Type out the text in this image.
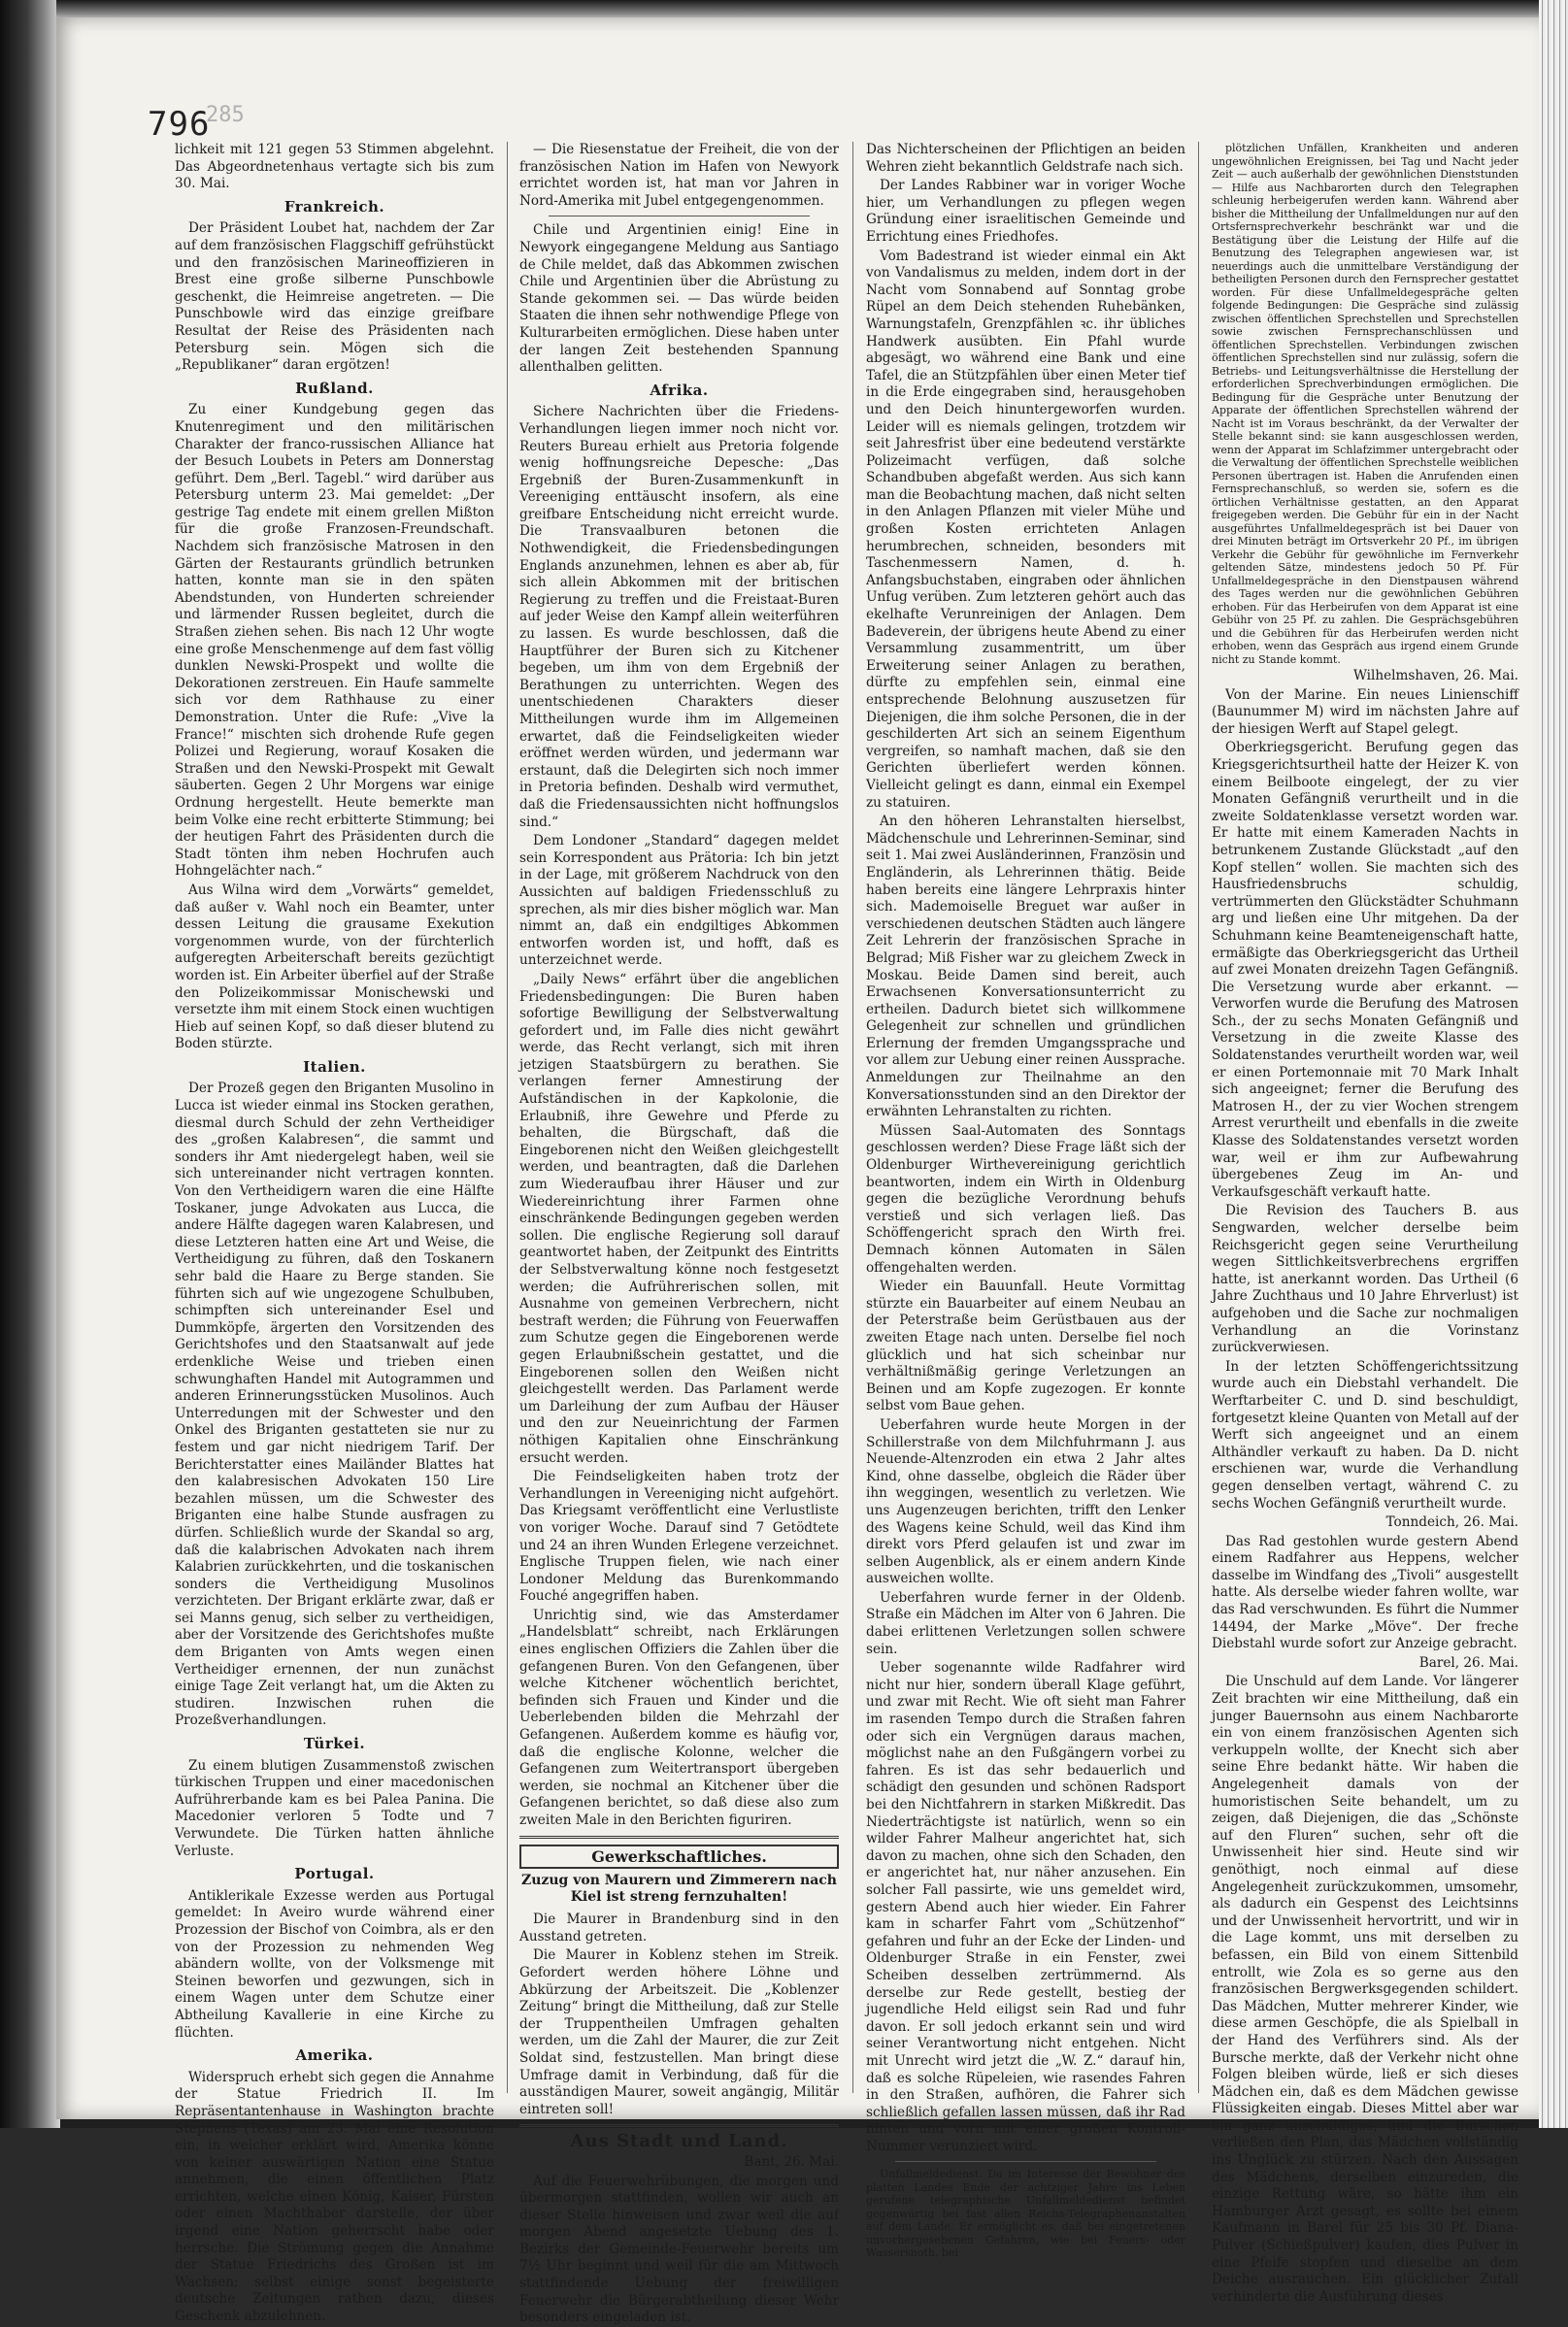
796
285

lichkeit mit 121 gegen 53 Stimmen abgelehnt. Das Abgeordnetenhaus vertagte sich bis zum 30. Mai.

Frankreich.

Der Präsident Loubet hat, nachdem der Zar auf dem französischen Flaggschiff gefrühstückt und den französischen Marineoffizieren in Brest eine große silberne Punschbowle geschenkt, die Heimreise angetreten. — Die Punschbowle wird das einzige greifbare Resultat der Reise des Präsidenten nach Petersburg sein. Mögen sich die „Republikaner“ daran ergötzen!

Rußland.

Zu einer Kundgebung gegen das Knutenregiment und den militärischen Charakter der franco-russischen Alliance hat der Besuch Loubets in Peters am Donnerstag geführt. Dem „Berl. Tagebl.“ wird darüber aus Petersburg unterm 23. Mai gemeldet: „Der gestrige Tag endete mit einem grellen Mißton für die große Franzosen-Freundschaft. Nachdem sich französische Matrosen in den Gärten der Restaurants gründlich betrunken hatten, konnte man sie in den späten Abendstunden, von Hunderten schreiender und lärmender Russen begleitet, durch die Straßen ziehen sehen. Bis nach 12 Uhr wogte eine große Menschenmenge auf dem fast völlig dunklen Newski-Prospekt und wollte die Dekorationen zerstreuen. Ein Haufe sammelte sich vor dem Rathhause zu einer Demonstration. Unter die Rufe: „Vive la France!“ mischten sich drohende Rufe gegen Polizei und Regierung, worauf Kosaken die Straßen und den Newski-Prospekt mit Gewalt säuberten. Gegen 2 Uhr Morgens war einige Ordnung hergestellt. Heute bemerkte man beim Volke eine recht erbitterte Stimmung; bei der heutigen Fahrt des Präsidenten durch die Stadt tönten ihm neben Hochrufen auch Hohngelächter nach.“

Aus Wilna wird dem „Vorwärts“ gemeldet, daß außer v. Wahl noch ein Beamter, unter dessen Leitung die grausame Exekution vorgenommen wurde, von der fürchterlich aufgeregten Arbeiterschaft bereits gezüchtigt worden ist. Ein Arbeiter überfiel auf der Straße den Polizeikommissar Monischewski und versetzte ihm mit einem Stock einen wuchtigen Hieb auf seinen Kopf, so daß dieser blutend zu Boden stürzte.

Italien.

Der Prozeß gegen den Briganten Musolino in Lucca ist wieder einmal ins Stocken gerathen, diesmal durch Schuld der zehn Vertheidiger des „großen Kalabresen“, die sammt und sonders ihr Amt niedergelegt haben, weil sie sich untereinander nicht vertragen konnten. Von den Vertheidigern waren die eine Hälfte Toskaner, junge Advokaten aus Lucca, die andere Hälfte dagegen waren Kalabresen, und diese Letzteren hatten eine Art und Weise, die Vertheidigung zu führen, daß den Toskanern sehr bald die Haare zu Berge standen. Sie führten sich auf wie ungezogene Schulbuben, schimpften sich untereinander Esel und Dummköpfe, ärgerten den Vorsitzenden des Gerichtshofes und den Staatsanwalt auf jede erdenkliche Weise und trieben einen schwunghaften Handel mit Autogrammen und anderen Erinnerungsstücken Musolinos. Auch Unterredungen mit der Schwester und den Onkel des Briganten gestatteten sie nur zu festem und gar nicht niedrigem Tarif. Der Berichterstatter eines Mailänder Blattes hat den kalabresischen Advokaten 150 Lire bezahlen müssen, um die Schwester des Briganten eine halbe Stunde ausfragen zu dürfen. Schließlich wurde der Skandal so arg, daß die kalabrischen Advokaten nach ihrem Kalabrien zurückkehrten, und die toskanischen sonders die Vertheidigung Musolinos verzichteten. Der Brigant erklärte zwar, daß er sei Manns genug, sich selber zu vertheidigen, aber der Vorsitzende des Gerichtshofes mußte dem Briganten von Amts wegen einen Vertheidiger ernennen, der nun zunächst einige Tage Zeit verlangt hat, um die Akten zu studiren. Inzwischen ruhen die Prozeßverhandlungen.

Türkei.

Zu einem blutigen Zusammenstoß zwischen türkischen Truppen und einer macedonischen Aufrührerbande kam es bei Palea Panina. Die Macedonier verloren 5 Todte und 7 Verwundete. Die Türken hatten ähnliche Verluste.

Portugal.

Antiklerikale Exzesse werden aus Portugal gemeldet: In Aveiro wurde während einer Prozession der Bischof von Coimbra, als er den von der Prozession zu nehmenden Weg abändern wollte, von der Volksmenge mit Steinen beworfen und gezwungen, sich in einem Wagen unter dem Schutze einer Abtheilung Kavallerie in eine Kirche zu flüchten.

Amerika.

Widerspruch erhebt sich gegen die Annahme der Statue Friedrich II. Im Repräsentantenhause in Washington brachte Stephens (Texas) am 23. Mai eine Resolution ein, in welcher erklärt wird, Amerika könne von keiner auswärtigen Nation eine Statue annehmen, die einen öffentlichen Platz errichten, welche einen König, Kaiser, Fürsten oder einen Machthaber darstelle, der über irgend eine Nation geherrscht habe oder herrsche. Die Strömung gegen die Annahme der Statue Friedrichs des Großen ist im Wachsen; selbst einige sonst begeisterte deutsche Zeitungen rathen dazu, dieses Geschenk abzulehnen.

— Die Riesenstatue der Freiheit, die von der französischen Nation im Hafen von Newyork errichtet worden ist, hat man vor Jahren in Nord-Amerika mit Jubel entgegengenommen.

Chile und Argentinien einig! Eine in Newyork eingegangene Meldung aus Santiago de Chile meldet, daß das Abkommen zwischen Chile und Argentinien über die Abrüstung zu Stande gekommen sei. — Das würde beiden Staaten die ihnen sehr nothwendige Pflege von Kulturarbeiten ermöglichen. Diese haben unter der langen Zeit bestehenden Spannung allenthalben gelitten.

Afrika.

Sichere Nachrichten über die Friedens-Verhandlungen liegen immer noch nicht vor. Reuters Bureau erhielt aus Pretoria folgende wenig hoffnungsreiche Depesche: „Das Ergebniß der Buren-Zusammenkunft in Vereeniging enttäuscht insofern, als eine greifbare Entscheidung nicht erreicht wurde. Die Transvaalburen betonen die Nothwendigkeit, die Friedensbedingungen Englands anzunehmen, lehnen es aber ab, für sich allein Abkommen mit der britischen Regierung zu treffen und die Freistaat-Buren auf jeder Weise den Kampf allein weiterführen zu lassen. Es wurde beschlossen, daß die Hauptführer der Buren sich zu Kitchener begeben, um ihm von dem Ergebniß der Berathungen zu unterrichten. Wegen des unentschiedenen Charakters dieser Mittheilungen wurde ihm im Allgemeinen erwartet, daß die Feindseligkeiten wieder eröffnet werden würden, und jedermann war erstaunt, daß die Delegirten sich noch immer in Pretoria befinden. Deshalb wird vermuthet, daß die Friedensaussichten nicht hoffnungslos sind.“

Dem Londoner „Standard“ dagegen meldet sein Korrespondent aus Prätoria: Ich bin jetzt in der Lage, mit größerem Nachdruck von den Aussichten auf baldigen Friedensschluß zu sprechen, als mir dies bisher möglich war. Man nimmt an, daß ein endgiltiges Abkommen entworfen worden ist, und hofft, daß es unterzeichnet werde.

„Daily News“ erfährt über die angeblichen Friedensbedingungen: Die Buren haben sofortige Bewilligung der Selbstverwaltung gefordert und, im Falle dies nicht gewährt werde, das Recht verlangt, sich mit ihren jetzigen Staatsbürgern zu berathen. Sie verlangen ferner Amnestirung der Aufständischen in der Kapkolonie, die Erlaubniß, ihre Gewehre und Pferde zu behalten, die Bürgschaft, daß die Eingeborenen nicht den Weißen gleichgestellt werden, und beantragten, daß die Darlehen zum Wiederaufbau ihrer Häuser und zur Wiedereinrichtung ihrer Farmen ohne einschränkende Bedingungen gegeben werden sollen. Die englische Regierung soll darauf geantwortet haben, der Zeitpunkt des Eintritts der Selbstverwaltung könne noch festgesetzt werden; die Aufrührerischen sollen, mit Ausnahme von gemeinen Verbrechern, nicht bestraft werden; die Führung von Feuerwaffen zum Schutze gegen die Eingeborenen werde gegen Erlaubnißschein gestattet, und die Eingeborenen sollen den Weißen nicht gleichgestellt werden. Das Parlament werde um Darleihung der zum Aufbau der Häuser und den zur Neueinrichtung der Farmen nöthigen Kapitalien ohne Einschränkung ersucht werden.

Die Feindseligkeiten haben trotz der Verhandlungen in Vereeniging nicht aufgehört. Das Kriegsamt veröffentlicht eine Verlustliste von voriger Woche. Darauf sind 7 Getödtete und 24 an ihren Wunden Erlegene verzeichnet. Englische Truppen fielen, wie nach einer Londoner Meldung das Burenkommando Fouché angegriffen haben.

Unrichtig sind, wie das Amsterdamer „Handelsblatt“ schreibt, nach Erklärungen eines englischen Offiziers die Zahlen über die gefangenen Buren. Von den Gefangenen, über welche Kitchener wöchentlich berichtet, befinden sich Frauen und Kinder und die Ueberlebenden bilden die Mehrzahl der Gefangenen. Außerdem komme es häufig vor, daß die englische Kolonne, welcher die Gefangenen zum Weitertransport übergeben werden, sie nochmal an Kitchener über die Gefangenen berichtet, so daß diese also zum zweiten Male in den Berichten figuriren.

Gewerkschaftliches.
Zuzug von Maurern und Zimmerern nach Kiel ist streng fernzuhalten!

Die Maurer in Brandenburg sind in den Ausstand getreten.

Die Maurer in Koblenz stehen im Streik. Gefordert werden höhere Löhne und Abkürzung der Arbeitszeit. Die „Koblenzer Zeitung“ bringt die Mittheilung, daß zur Stelle der Truppentheilen Umfragen gehalten werden, um die Zahl der Maurer, die zur Zeit Soldat sind, festzustellen. Man bringt diese Umfrage damit in Verbindung, daß für die ausständigen Maurer, soweit angängig, Militär eintreten soll!

Aus Stadt und Land.
Bant, 26. Mai.

Auf die Feuerwehrübungen, die morgen und übermorgen stattfinden, wollen wir auch an dieser Stelle hinweisen und zwar weil die auf morgen Abend angesetzte Uebung des 1. Bezirks der Gemeinde-Feuerwehr bereits um 7½ Uhr beginnt und weil für die am Mittwoch stattfindende Uebung der freiwilligen Feuerwehr die Bürgerabtheilung dieser Wehr besonders eingeladen ist.

Das Nichterscheinen der Pflichtigen an beiden Wehren zieht bekanntlich Geldstrafe nach sich.

Der Landes Rabbiner war in voriger Woche hier, um Verhandlungen zu pflegen wegen Gründung einer israelitischen Gemeinde und Errichtung eines Friedhofes.

Vom Badestrand ist wieder einmal ein Akt von Vandalismus zu melden, indem dort in der Nacht vom Sonnabend auf Sonntag grobe Rüpel an dem Deich stehenden Ruhebänken, Warnungstafeln, Grenzpfählen ꝛc. ihr übliches Handwerk ausübten. Ein Pfahl wurde abgesägt, wo während eine Bank und eine Tafel, die an Stützpfählen über einen Meter tief in die Erde eingegraben sind, herausgehoben und den Deich hinuntergeworfen wurden. Leider will es niemals gelingen, trotzdem wir seit Jahresfrist über eine bedeutend verstärkte Polizeimacht verfügen, daß solche Schandbuben abgefaßt werden. Aus sich kann man die Beobachtung machen, daß nicht selten in den Anlagen Pflanzen mit vieler Mühe und großen Kosten errichteten Anlagen herumbrechen, schneiden, besonders mit Taschenmessern Namen, d. h. Anfangsbuchstaben, eingraben oder ähnlichen Unfug verüben. Zum letzteren gehört auch das ekelhafte Verunreinigen der Anlagen. Dem Badeverein, der übrigens heute Abend zu einer Versammlung zusammentritt, um über Erweiterung seiner Anlagen zu berathen, dürfte zu empfehlen sein, einmal eine entsprechende Belohnung auszusetzen für Diejenigen, die ihm solche Personen, die in der geschilderten Art sich an seinem Eigenthum vergreifen, so namhaft machen, daß sie den Gerichten überliefert werden können. Vielleicht gelingt es dann, einmal ein Exempel zu statuiren.

An den höheren Lehranstalten hierselbst, Mädchenschule und Lehrerinnen-Seminar, sind seit 1. Mai zwei Ausländerinnen, Französin und Engländerin, als Lehrerinnen thätig. Beide haben bereits eine längere Lehrpraxis hinter sich. Mademoiselle Breguet war außer in verschiedenen deutschen Städten auch längere Zeit Lehrerin der französischen Sprache in Belgrad; Miß Fisher war zu gleichem Zweck in Moskau. Beide Damen sind bereit, auch Erwachsenen Konversationsunterricht zu ertheilen. Dadurch bietet sich willkommene Gelegenheit zur schnellen und gründlichen Erlernung der fremden Umgangssprache und vor allem zur Uebung einer reinen Aussprache. Anmeldungen zur Theilnahme an den Konversationsstunden sind an den Direktor der erwähnten Lehranstalten zu richten.

Müssen Saal-Automaten des Sonntags geschlossen werden? Diese Frage läßt sich der Oldenburger Wirthevereinigung gerichtlich beantworten, indem ein Wirth in Oldenburg gegen die bezügliche Verordnung behufs verstieß und sich verlagen ließ. Das Schöffengericht sprach den Wirth frei. Demnach können Automaten in Sälen offengehalten werden.

Wieder ein Bauunfall. Heute Vormittag stürzte ein Bauarbeiter auf einem Neubau an der Peterstraße beim Gerüstbauen aus der zweiten Etage nach unten. Derselbe fiel noch glücklich und hat sich scheinbar nur verhältnißmäßig geringe Verletzungen an Beinen und am Kopfe zugezogen. Er konnte selbst vom Baue gehen.

Ueberfahren wurde heute Morgen in der Schillerstraße von dem Milchfuhrmann J. aus Neuende-Altenzroden ein etwa 2 Jahr altes Kind, ohne dasselbe, obgleich die Räder über ihn weggingen, wesentlich zu verletzen. Wie uns Augenzeugen berichten, trifft den Lenker des Wagens keine Schuld, weil das Kind ihm direkt vors Pferd gelaufen ist und zwar im selben Augenblick, als er einem andern Kinde ausweichen wollte.

Ueberfahren wurde ferner in der Oldenb. Straße ein Mädchen im Alter von 6 Jahren. Die dabei erlittenen Verletzungen sollen schwere sein.

Ueber sogenannte wilde Radfahrer wird nicht nur hier, sondern überall Klage geführt, und zwar mit Recht. Wie oft sieht man Fahrer im rasenden Tempo durch die Straßen fahren oder sich ein Vergnügen daraus machen, möglichst nahe an den Fußgängern vorbei zu fahren. Es ist das sehr bedauerlich und schädigt den gesunden und schönen Radsport bei den Nichtfahrern in starken Mißkredit. Das Niederträchtigste ist natürlich, wenn so ein wilder Fahrer Malheur angerichtet hat, sich davon zu machen, ohne sich den Schaden, den er angerichtet hat, nur näher anzusehen. Ein solcher Fall passirte, wie uns gemeldet wird, gestern Abend auch hier wieder. Ein Fahrer kam in scharfer Fahrt vom „Schützenhof“ gefahren und fuhr an der Ecke der Linden- und Oldenburger Straße in ein Fenster, zwei Scheiben desselben zertrümmernd. Als derselbe zur Rede gestellt, bestieg der jugendliche Held eiligst sein Rad und fuhr davon. Er soll jedoch erkannt sein und wird seiner Verantwortung nicht entgehen. Nicht mit Unrecht wird jetzt die „W. Z.“ darauf hin, daß es solche Rüpeleien, wie rasendes Fahren in den Straßen, aufhören, die Fahrer sich schließlich gefallen lassen müssen, daß ihr Rad hinten und vorn mit einer großen Kontroll-Nummer verunziert wird.

Unfallmeldedienst. Da im Interesse der Bewohner des platten Landes Ende der achtziger Jahre ins Leben gerufene telegraphische Unfallmeldedienst befindet gegenwärtig bei fast allen Reichs-Telegraphenanstalten auf dem Lande. Er ermöglicht es, daß bei eingetretenen unvorhergesehenen Gefahren, wie bei Feuers- oder Wassersnoth, bei

plötzlichen Unfällen, Krankheiten und anderen ungewöhnlichen Ereignissen, bei Tag und Nacht jeder Zeit — auch außerhalb der gewöhnlichen Dienststunden — Hilfe aus Nachbarorten durch den Telegraphen schleunig herbeigerufen werden kann. Während aber bisher die Mittheilung der Unfallmeldungen nur auf den Ortsfernsprechverkehr beschränkt war und die Bestätigung über die Leistung der Hilfe auf die Benutzung des Telegraphen angewiesen war, ist neuerdings auch die unmittelbare Verständigung der betheiligten Personen durch den Fernsprecher gestattet worden. Für diese Unfallmeldegespräche gelten folgende Bedingungen: Die Gespräche sind zulässig zwischen öffentlichen Sprechstellen und Sprechstellen sowie zwischen Fernsprechanschlüssen und öffentlichen Sprechstellen. Verbindungen zwischen öffentlichen Sprechstellen sind nur zulässig, sofern die Betriebs- und Leitungsverhältnisse die Herstellung der erforderlichen Sprechverbindungen ermöglichen. Die Bedingung für die Gespräche unter Benutzung der Apparate der öffentlichen Sprechstellen während der Nacht ist im Voraus beschränkt, da der Verwalter der Stelle bekannt sind: sie kann ausgeschlossen werden, wenn der Apparat im Schlafzimmer untergebracht oder die Verwaltung der öffentlichen Sprechstelle weiblichen Personen übertragen ist. Haben die Anrufenden einen Fernsprechanschluß, so werden sie, sofern es die örtlichen Verhältnisse gestatten, an den Apparat freigegeben werden. Die Gebühr für ein in der Nacht ausgeführtes Unfallmeldegespräch ist bei Dauer von drei Minuten beträgt im Ortsverkehr 20 Pf., im übrigen Verkehr die Gebühr für gewöhnliche im Fernverkehr geltenden Sätze, mindestens jedoch 50 Pf. Für Unfallmeldegespräche in den Dienstpausen während des Tages werden nur die gewöhnlichen Gebühren erhoben. Für das Herbeirufen von dem Apparat ist eine Gebühr von 25 Pf. zu zahlen. Die Gesprächsgebühren und die Gebühren für das Herbeirufen werden nicht erhoben, wenn das Gespräch aus irgend einem Grunde nicht zu Stande kommt.

Wilhelmshaven, 26. Mai.

Von der Marine. Ein neues Linienschiff (Baunummer M) wird im nächsten Jahre auf der hiesigen Werft auf Stapel gelegt.

Oberkriegsgericht. Berufung gegen das Kriegsgerichtsurtheil hatte der Heizer K. von einem Beilboote eingelegt, der zu vier Monaten Gefängniß verurtheilt und in die zweite Soldatenklasse versetzt worden war. Er hatte mit einem Kameraden Nachts in betrunkenem Zustande Glückstadt „auf den Kopf stellen“ wollen. Sie machten sich des Hausfriedensbruchs schuldig, vertrümmerten den Glückstädter Schuhmann arg und ließen eine Uhr mitgehen. Da der Schuhmann keine Beamteneigenschaft hatte, ermäßigte das Oberkriegsgericht das Urtheil auf zwei Monaten dreizehn Tagen Gefängniß. Die Versetzung wurde aber erkannt. — Verworfen wurde die Berufung des Matrosen Sch., der zu sechs Monaten Gefängniß und Versetzung in die zweite Klasse des Soldatenstandes verurtheilt worden war, weil er einen Portemonnaie mit 70 Mark Inhalt sich angeeignet; ferner die Berufung des Matrosen H., der zu vier Wochen strengem Arrest verurtheilt und ebenfalls in die zweite Klasse des Soldatenstandes versetzt worden war, weil er ihm zur Aufbewahrung übergebenes Zeug im An- und Verkaufsgeschäft verkauft hatte.

Die Revision des Tauchers B. aus Sengwarden, welcher derselbe beim Reichsgericht gegen seine Verurtheilung wegen Sittlichkeitsverbrechens ergriffen hatte, ist anerkannt worden. Das Urtheil (6 Jahre Zuchthaus und 10 Jahre Ehrverlust) ist aufgehoben und die Sache zur nochmaligen Verhandlung an die Vorinstanz zurückverwiesen.

In der letzten Schöffengerichtssitzung wurde auch ein Diebstahl verhandelt. Die Werftarbeiter C. und D. sind beschuldigt, fortgesetzt kleine Quanten von Metall auf der Werft sich angeeignet und an einem Althändler verkauft zu haben. Da D. nicht erschienen war, wurde die Verhandlung gegen denselben vertagt, während C. zu sechs Wochen Gefängniß verurtheilt wurde.

Tonndeich, 26. Mai.

Das Rad gestohlen wurde gestern Abend einem Radfahrer aus Heppens, welcher dasselbe im Windfang des „Tivoli“ ausgestellt hatte. Als derselbe wieder fahren wollte, war das Rad verschwunden. Es führt die Nummer 14494, der Marke „Möve“. Der freche Diebstahl wurde sofort zur Anzeige gebracht.

Barel, 26. Mai.

Die Unschuld auf dem Lande. Vor längerer Zeit brachten wir eine Mittheilung, daß ein junger Bauernsohn aus einem Nachbarorte ein von einem französischen Agenten sich verkuppeln wollte, der Knecht sich aber seine Ehre bedankt hätte. Wir haben die Angelegenheit damals von der humoristischen Seite behandelt, um zu zeigen, daß Diejenigen, die das „Schönste auf den Fluren“ suchen, sehr oft die Unwissenheit hier sind. Heute sind wir genöthigt, noch einmal auf diese Angelegenheit zurückzukommen, umsomehr, als dadurch ein Gespenst des Leichtsinns und der Unwissenheit hervortritt, und wir in die Lage kommt, uns mit derselben zu befassen, ein Bild von einem Sittenbild entrollt, wie Zola es so gerne aus den französischen Bergwerksgegenden schildert. Das Mädchen, Mutter mehrerer Kinder, wie diese armen Geschöpfe, die als Spielball in der Hand des Verführers sind. Als der Bursche merkte, daß der Verkehr nicht ohne Folgen bleiben würde, ließ er sich dieses Mädchen ein, daß es dem Mädchen gewisse Flüssigkeiten eingab. Dieses Mittel aber war ein ganz unschuldiges, und die Burschen verließen den Plan, das Mädchen vollständig ins Unglück zu stürzen. Nach den Aussagen des Mädchens, derselben einzureden, die einzige Rettung wäre, so hätte ihm ein Hamburger Arzt gesagt, es sollte bei einem Kaufmann in Barel für 25 bis 30 Pf. Diana-Pulver (Schießpulver) kaufen, dies Pulver in eine Pfeife stopfen und dieselbe an dem Deiche ausrauchen. Ein glücklicher Zufall verhinderte die Ausführung dieses
